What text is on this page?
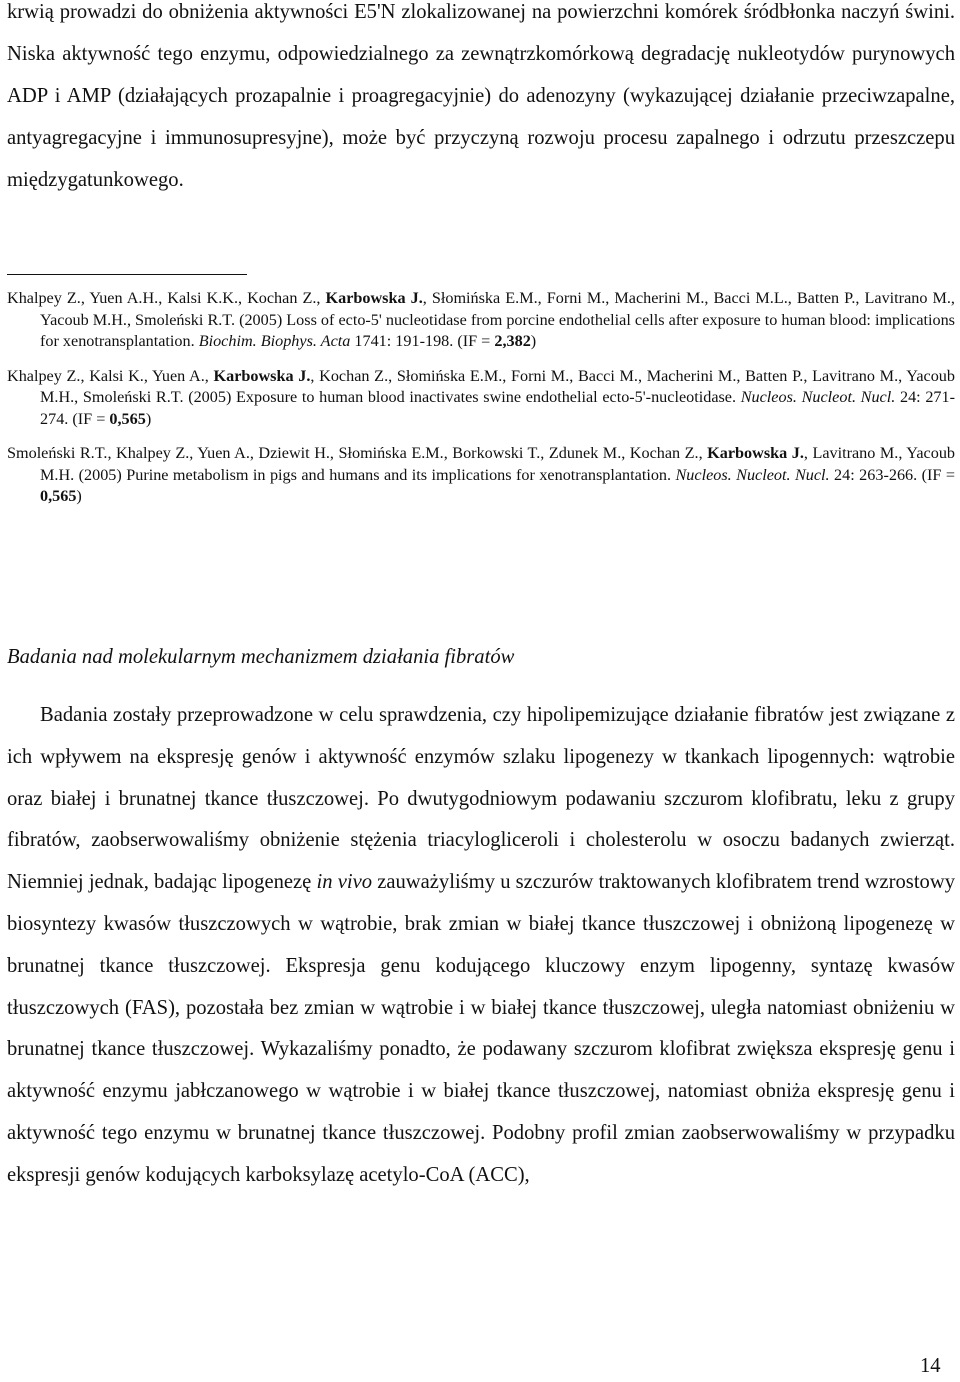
krwią prowadzi do obniżenia aktywności E5'N zlokalizowanej na powierzchni komórek śródbłonka naczyń świni. Niska aktywność tego enzymu, odpowiedzialnego za zewnątrzkomórkową degradację nukleotydów purynowych ADP i AMP (działających prozapalnie i proagregacyjnie) do adenozyny (wykazującej działanie przeciwzapalne, antyagregacyjne i immunosupresyjne), może być przyczyną rozwoju procesu zapalnego i odrzutu przeszczepu międzygatunkowego.

Khalpey Z., Yuen A.H., Kalsi K.K., Kochan Z., Karbowska J., Słomińska E.M., Forni M., Macherini M., Bacci M.L., Batten P., Lavitrano M., Yacoub M.H., Smoleński R.T. (2005) Loss of ecto-5' nucleotidase from porcine endothelial cells after exposure to human blood: implications for xenotransplantation. Biochim. Biophys. Acta 1741: 191-198. (IF = 2,382)

Khalpey Z., Kalsi K., Yuen A., Karbowska J., Kochan Z., Słomińska E.M., Forni M., Bacci M., Macherini M., Batten P., Lavitrano M., Yacoub M.H., Smoleński R.T. (2005) Exposure to human blood inactivates swine endothelial ecto-5'-nucleotidase. Nucleos. Nucleot. Nucl. 24: 271-274. (IF = 0,565)

Smoleński R.T., Khalpey Z., Yuen A., Dziewit H., Słomińska E.M., Borkowski T., Zdunek M., Kochan Z., Karbowska J., Lavitrano M., Yacoub M.H. (2005) Purine metabolism in pigs and humans and its implications for xenotransplantation. Nucleos. Nucleot. Nucl. 24: 263-266. (IF = 0,565)

Badania nad molekularnym mechanizmem działania fibratów

Badania zostały przeprowadzone w celu sprawdzenia, czy hipolipemizujące działanie fibratów jest związane z ich wpływem na ekspresję genów i aktywność enzymów szlaku lipogenezy w tkankach lipogennych: wątrobie oraz białej i brunatnej tkance tłuszczowej. Po dwutygodniowym podawaniu szczurom klofibratu, leku z grupy fibratów, zaobserwowaliśmy obniżenie stężenia triacylogliceroli i cholesterolu w osoczu badanych zwierząt. Niemniej jednak, badając lipogenezę in vivo zauważyliśmy u szczurów traktowanych klofibratem trend wzrostowy biosyntezy kwasów tłuszczowych w wątrobie, brak zmian w białej tkance tłuszczowej i obniżoną lipogenezę w brunatnej tkance tłuszczowej. Ekspresja genu kodującego kluczowy enzym lipogenny, syntazę kwasów tłuszczowych (FAS), pozostała bez zmian w wątrobie i w białej tkance tłuszczowej, uległa natomiast obniżeniu w brunatnej tkance tłuszczowej. Wykazaliśmy ponadto, że podawany szczurom klofibrat zwiększa ekspresję genu i aktywność enzymu jabłczanowego w wątrobie i w białej tkance tłuszczowej, natomiast obniża ekspresję genu i aktywność tego enzymu w brunatnej tkance tłuszczowej. Podobny profil zmian zaobserwowaliśmy w przypadku ekspresji genów kodujących karboksylazę acetylo-CoA (ACC),

14
